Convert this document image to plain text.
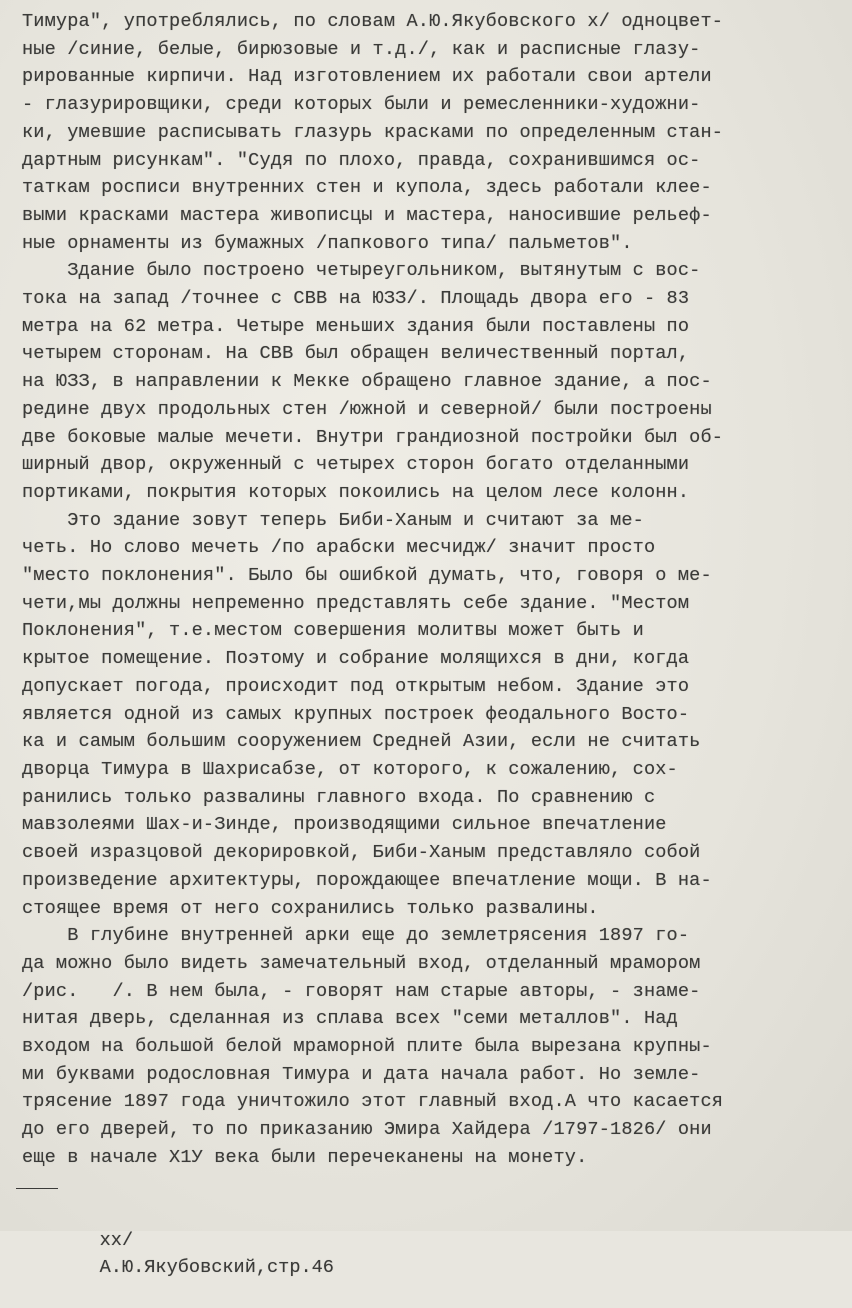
Тимура", употреблялись, по словам А.Ю.Якубовского x/ одноцвет-
ные /синие, белые, бирюзовые и т.д./, как и расписные глазу-
рированные кирпичи. Над изготовлением их работали свои артели
- глазурировщики, среди которых были и ремесленники-художни-
ки, умевшие расписывать глазурь красками по определенным стан-
дартным рисункам". "Судя по плохо, правда, сохранившимся ос-
таткам росписи внутренних стен и купола, здесь работали клее-
выми красками мастера живописцы и мастера, наносившие рельеф-
ные орнаменты из бумажных /папкового типа/ пальметов".
Здание было построено четыреугольником, вытянутым с вос-
тока на запад /точнее с СВВ на ЮЗЗ/. Площадь двора его - 83
метра на 62 метра. Четыре меньших здания были поставлены по
четырем сторонам. На СВВ был обращен величественный портал,
на ЮЗЗ, в направлении к Мекке обращено главное здание, а пос-
редине двух продольных стен /южной и северной/ были построены
две боковые малые мечети. Внутри грандиозной постройки был об-
ширный двор, окруженный с четырех сторон богато отделанными
портиками, покрытия которых покоились на целом лесе колонн.
Это здание зовут теперь Биби-Ханым и считают за ме-
четь. Но слово мечеть /по арабски месчидж/ значит просто
"место поклонения". Было бы ошибкой думать, что, говоря о ме-
чети,мы должны непременно представлять себе здание. "Местом
Поклонения", т.е.местом совершения молитвы может быть и
крытое помещение. Поэтому и собрание молящихся в дни, когда
допускает погода, происходит под открытым небом. Здание это
является одной из самых крупных построек феодального Восто-
ка и самым большим сооружением Средней Азии, если не считать
дворца Тимура в Шахрисабзе, от которого, к сожалению, сох-
ранились только развалины главного входа. По сравнению с
мавзолеями Шах-и-Зинде, производящими сильное впечатление
своей изразцовой декорировкой, Биби-Ханым представляло собой
произведение архитектуры, порождающее впечатление мощи. В на-
стоящее время от него сохранились только развалины.
В глубине внутренней арки еще до землетрясения 1897 го-
да можно было видеть замечательный вход, отделанный мрамором
/рис.   /. В нем была, - говорят нам старые авторы, - знаме-
нитая дверь, сделанная из сплава всех "семи металлов". Над
входом на большой белой мраморной плите была вырезана крупны-
ми буквами родословная Тимура и дата начала работ. Но земле-
трясение 1897 года уничтожило этот главный вход.А что касается
до его дверей, то по приказанию Эмира Хайдера /1797-1826/ они
еще в начале Х1У века были перечеканены на монету.

хх/
А.Ю.Якубовский,стр.46
